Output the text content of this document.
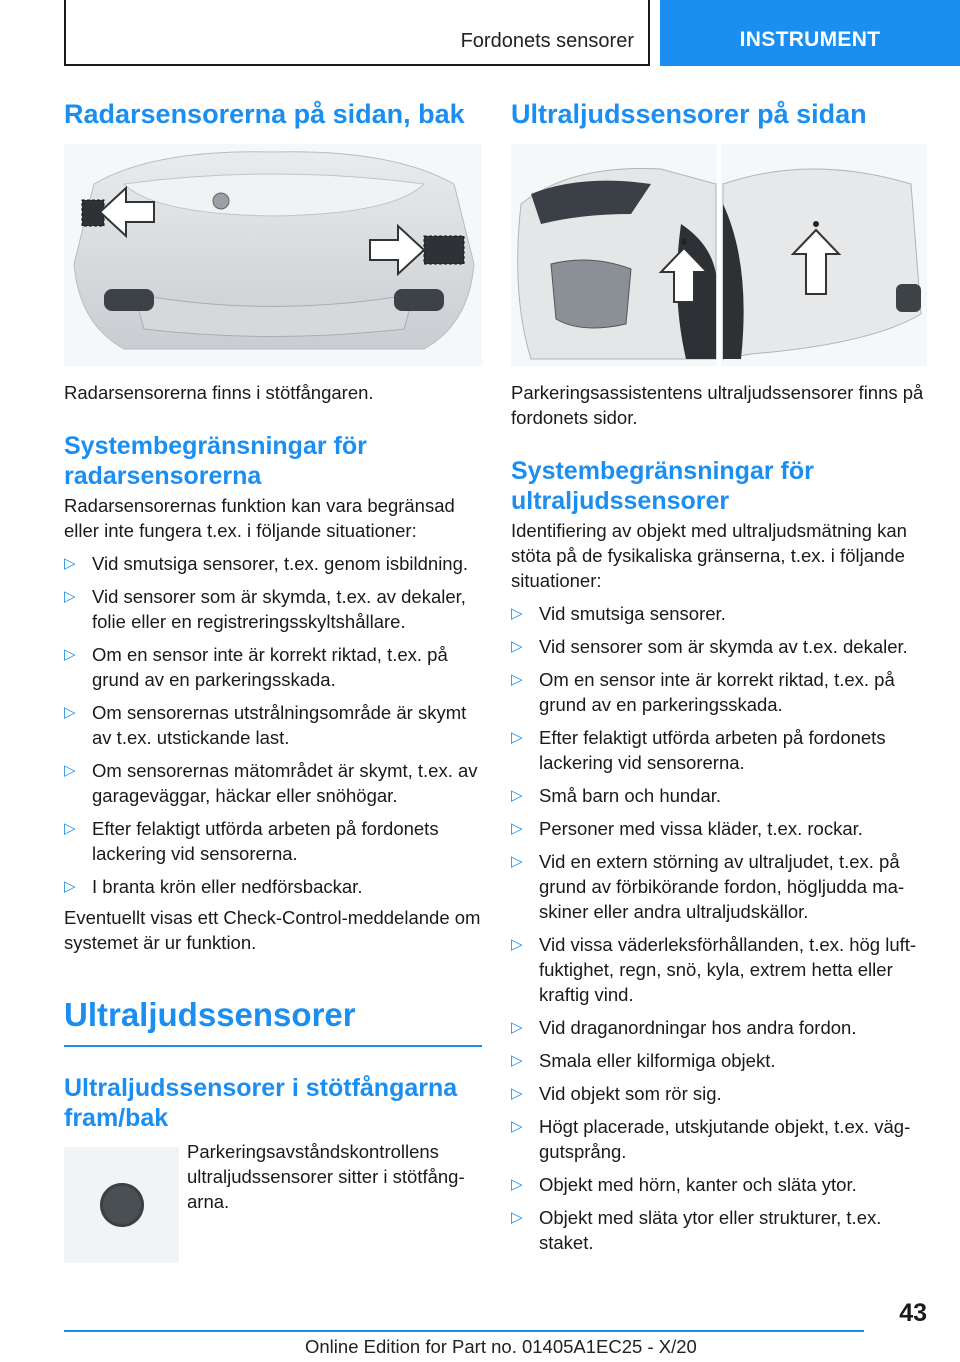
Fordonets sensorer	INSTRUMENT
Radarsensorerna på sidan, bak

Radarsensorerna finns i stötfångaren.

Systembegränsningar för radarsensorerna

Radarsensorernas funktion kan vara begränsad eller inte fungera t.ex. i följande situationer:

▷ Vid smutsiga sensorer, t.ex. genom isbildning.
▷ Vid sensorer som är skymda, t.ex. av dekaler, folie eller en registreringsskyltshållare.
▷ Om en sensor inte är korrekt riktad, t.ex. på grund av en parkeringsskada.
▷ Om sensorernas utstrålningsområde är skymt av t.ex. utstickande last.
▷ Om sensorernas mätområdet är skymt, t.ex. av garageväggar, häckar eller snöhögar.
▷ Efter felaktigt utförda arbeten på fordonets lackering vid sensorerna.
▷ I branta krön eller nedförsbackar.

Eventuellt visas ett Check-Control-meddelande om systemet är ur funktion.

Ultraljudssensorer
Ultraljudssensorer i stötfångarna fram/bak

Parkeringsavståndskontrollens ultraljudssensorer sitter i stötfångarna.

Ultraljudssensorer på sidan

Parkeringsassistentens ultraljudssensorer finns på fordonets sidor.

Systembegränsningar för ultraljudssensorer

Identifiering av objekt med ultraljudsmätning kan stöta på de fysikaliska gränserna, t.ex. i följande situationer:

▷ Vid smutsiga sensorer.
▷ Vid sensorer som är skymda av t.ex. dekaler.
▷ Om en sensor inte är korrekt riktad, t.ex. på grund av en parkeringsskada.
▷ Efter felaktigt utförda arbeten på fordonets lackering vid sensorerna.
▷ Små barn och hundar.
▷ Personer med vissa kläder, t.ex. rockar.
▷ Vid en extern störning av ultraljudet, t.ex. på grund av förbikörande fordon, högljudda maskiner eller andra ultraljudskällor.
▷ Vid vissa väderleksförhållanden, t.ex. hög luftfuktighet, regn, snö, kyla, extrem hetta eller kraftig vind.
▷ Vid draganordningar hos andra fordon.
▷ Smala eller kilformiga objekt.
▷ Vid objekt som rör sig.
▷ Högt placerade, utskjutande objekt, t.ex. väggutsprång.
▷ Objekt med hörn, kanter och släta ytor.
▷ Objekt med släta ytor eller strukturer, t.ex. staket.
43
Online Edition for Part no. 01405A1EC25 - X/20
